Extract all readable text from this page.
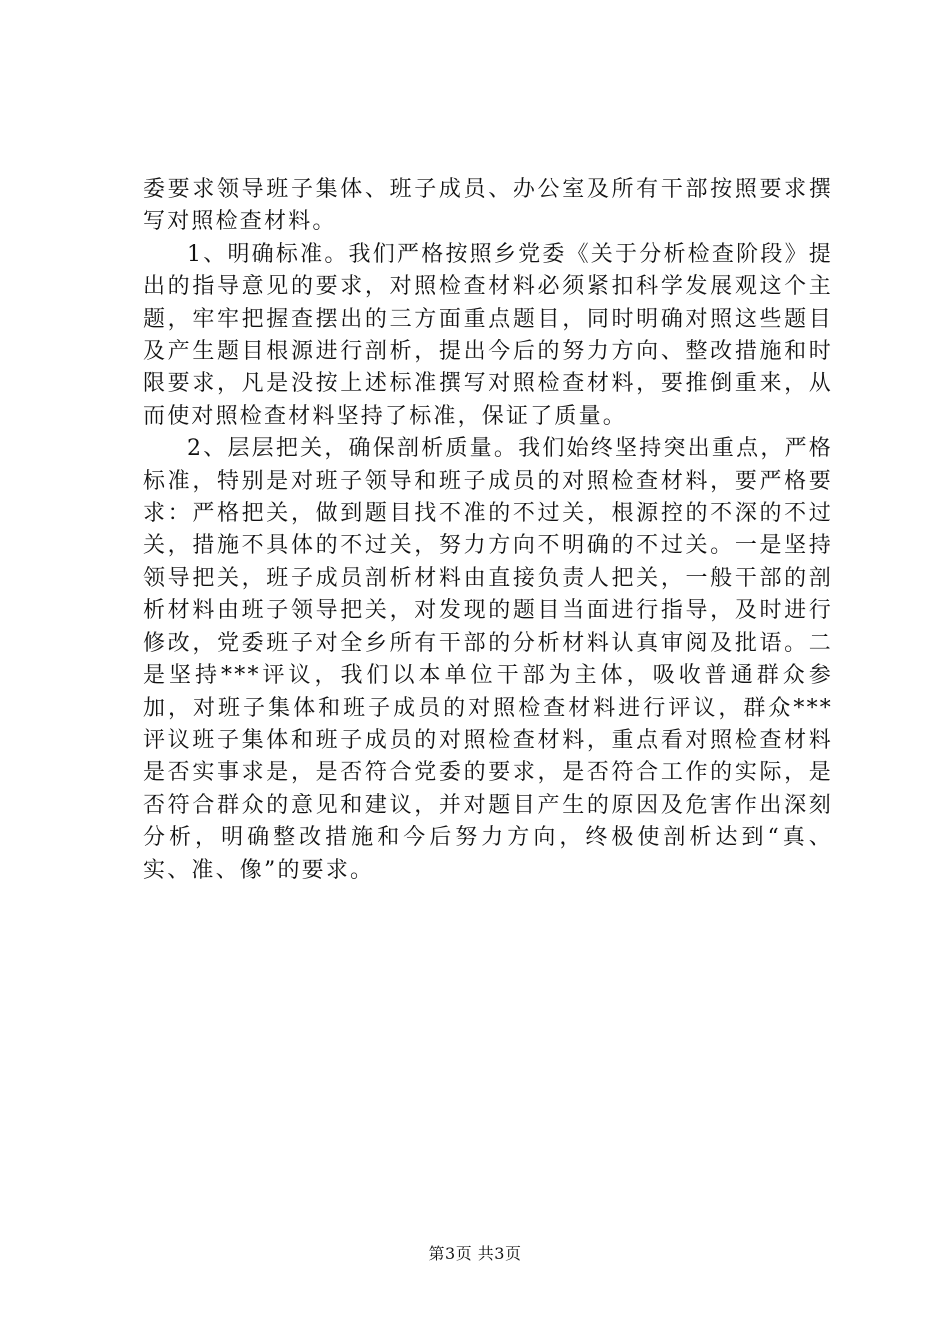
委要求领导班子集体、班子成员、办公室及所有干部按照要求撰写对照检查材料。

1、明确标准。我们严格按照乡党委《关于分析检查阶段》提出的指导意见的要求，对照检查材料必须紧扣科学发展观这个主题，牢牢把握查摆出的三方面重点题目，同时明确对照这些题目及产生题目根源进行剖析，提出今后的努力方向、整改措施和时限要求，凡是没按上述标准撰写对照检查材料，要推倒重来，从而使对照检查材料坚持了标准，保证了质量。

2、层层把关，确保剖析质量。我们始终坚持突出重点，严格标准，特别是对班子领导和班子成员的对照检查材料，要严格要求：严格把关，做到题目找不准的不过关，根源控的不深的不过关，措施不具体的不过关，努力方向不明确的不过关。一是坚持领导把关，班子成员剖析材料由直接负责人把关，一般干部的剖析材料由班子领导把关，对发现的题目当面进行指导，及时进行修改，党委班子对全乡所有干部的分析材料认真审阅及批语。二是坚持***评议，我们以本单位干部为主体，吸收普通群众参加，对班子集体和班子成员的对照检查材料进行评议，群众***评议班子集体和班子成员的对照检查材料，重点看对照检查材料是否实事求是，是否符合党委的要求，是否符合工作的实际，是否符合群众的意见和建议，并对题目产生的原因及危害作出深刻分析，明确整改措施和今后努力方向，终极使剖析达到“真、实、准、像”的要求。

第3页 共3页
